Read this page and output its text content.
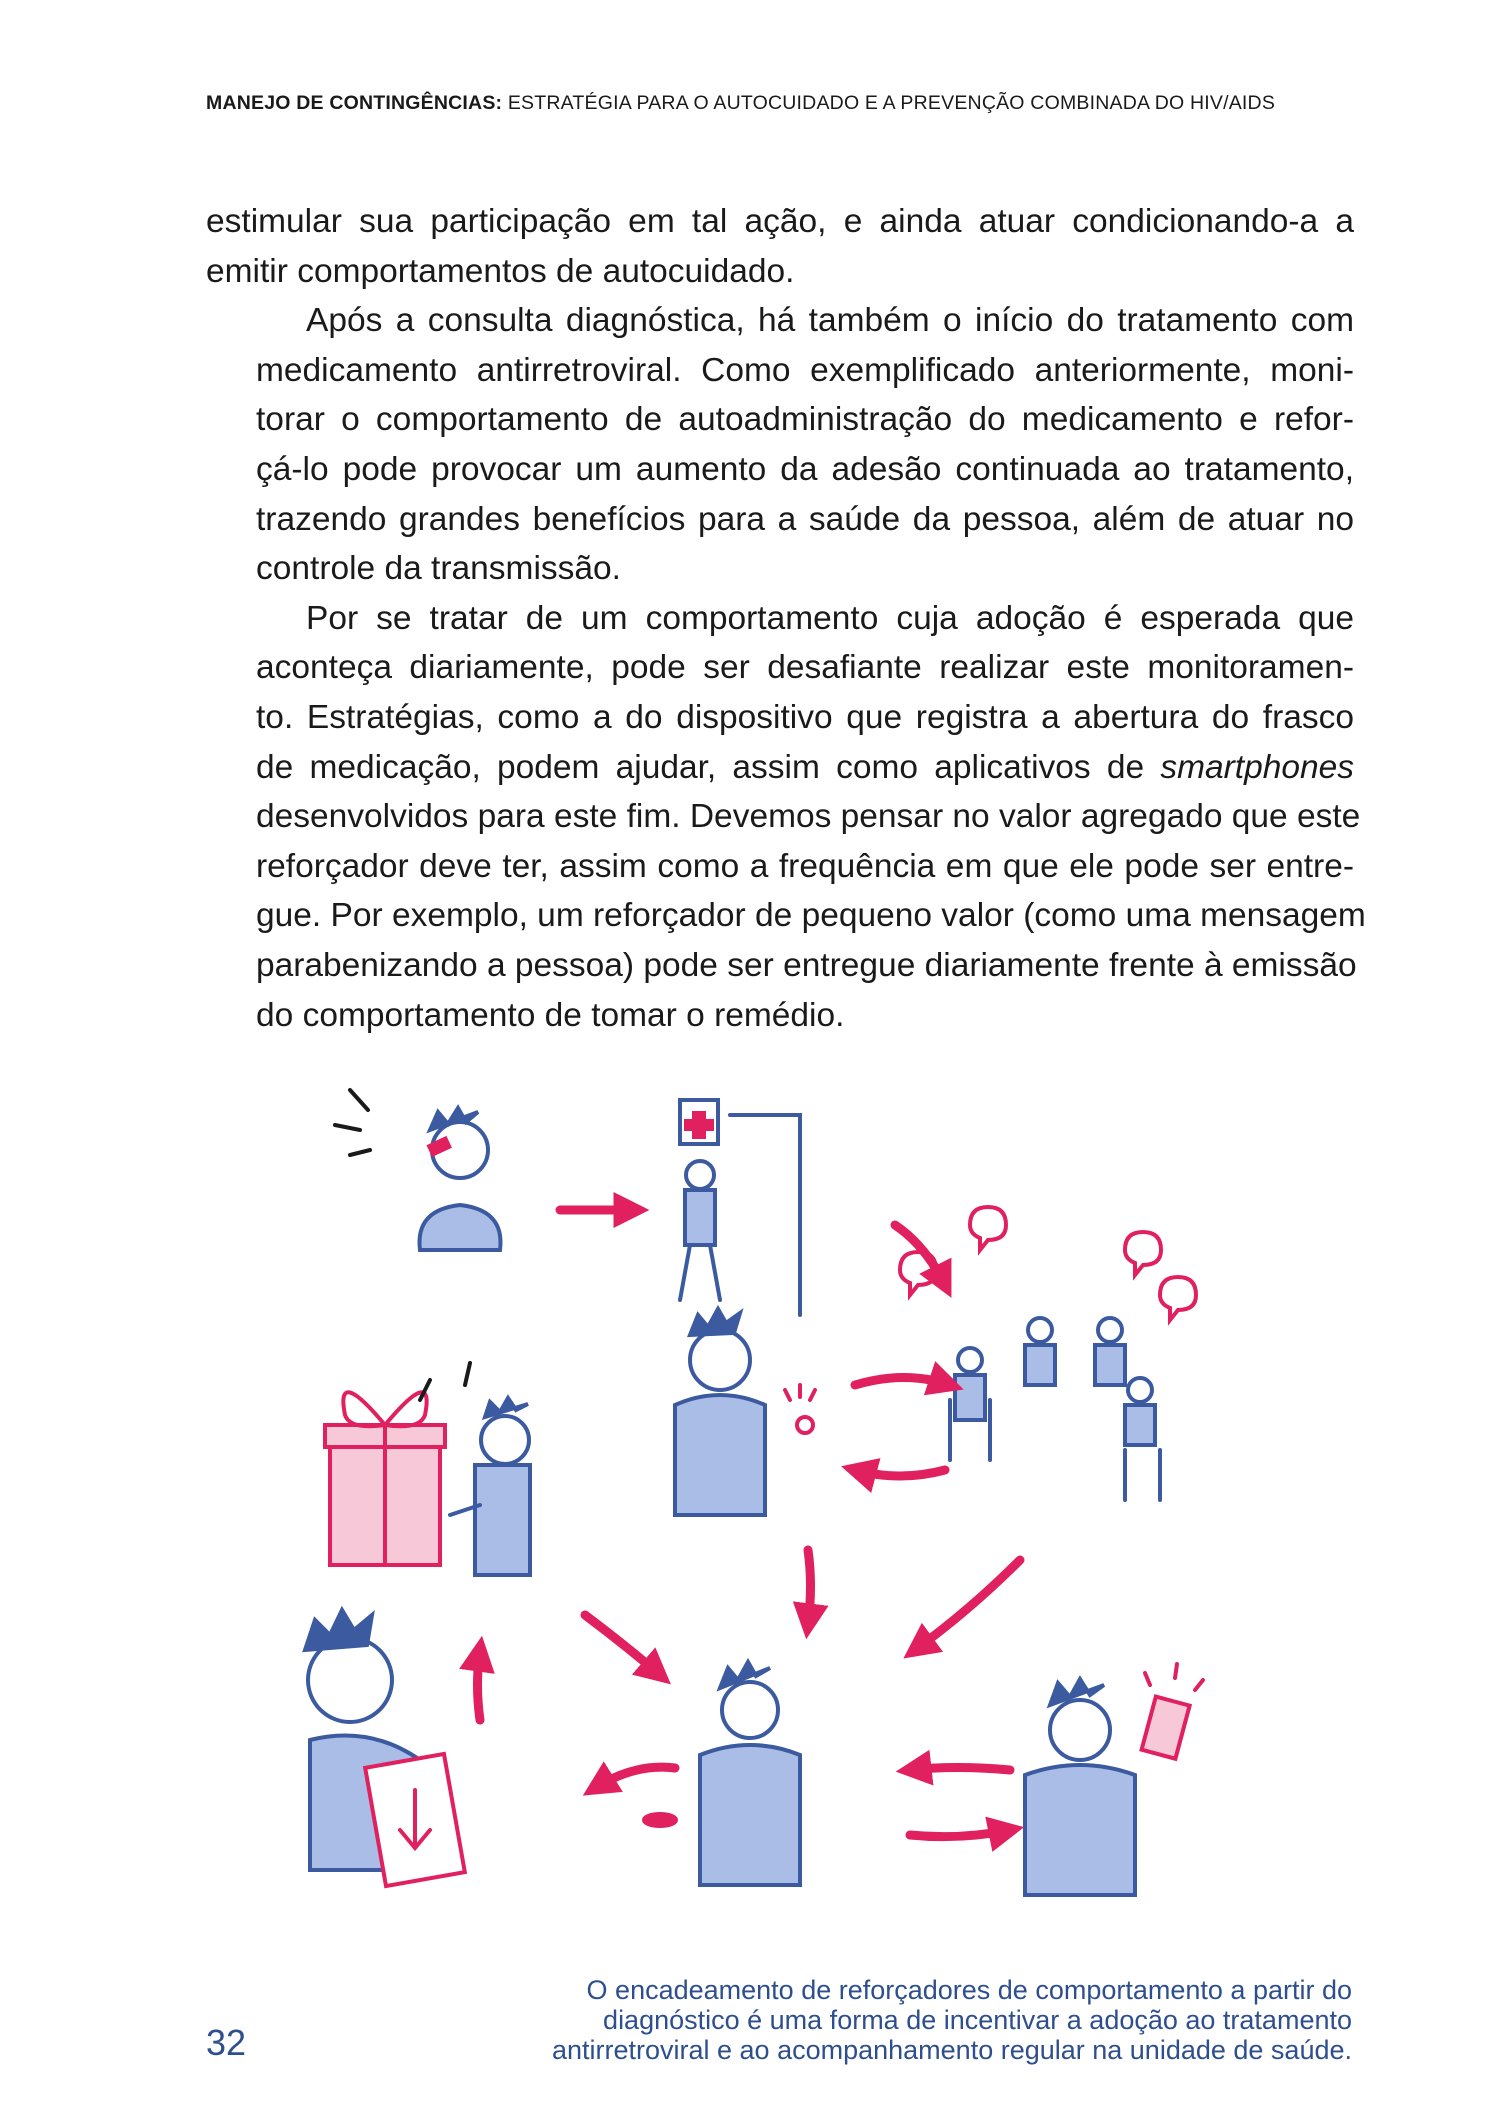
MANEJO DE CONTINGÊNCIAS: ESTRATÉGIA PARA O AUTOCUIDADO E A PREVENÇÃO COMBINADA DO HIV/AIDS

estimular sua participação em tal ação, e ainda atuar condicionando-a a
emitir comportamentos de autocuidado.

Após a consulta diagnóstica, há também o início do tratamento com
medicamento antirretroviral. Como exemplificado anteriormente, moni-
torar o comportamento de autoadministração do medicamento e refor-
çá-lo pode provocar um aumento da adesão continuada ao tratamento,
trazendo grandes benefícios para a saúde da pessoa, além de atuar no
controle da transmissão.

Por se tratar de um comportamento cuja adoção é esperada que
aconteça diariamente, pode ser desafiante realizar este monitoramen-
to. Estratégias, como a do dispositivo que registra a abertura do frasco
de medicação, podem ajudar, assim como aplicativos de smartphones
desenvolvidos para este fim. Devemos pensar no valor agregado que este
reforçador deve ter, assim como a frequência em que ele pode ser entre-
gue. Por exemplo, um reforçador de pequeno valor (como uma mensagem
parabenizando a pessoa) pode ser entregue diariamente frente à emissão
do comportamento de tomar o remédio.

O encadeamento de reforçadores de comportamento a partir do
diagnóstico é uma forma de incentivar a adoção ao tratamento
antirretroviral e ao acompanhamento regular na unidade de saúde.
32
